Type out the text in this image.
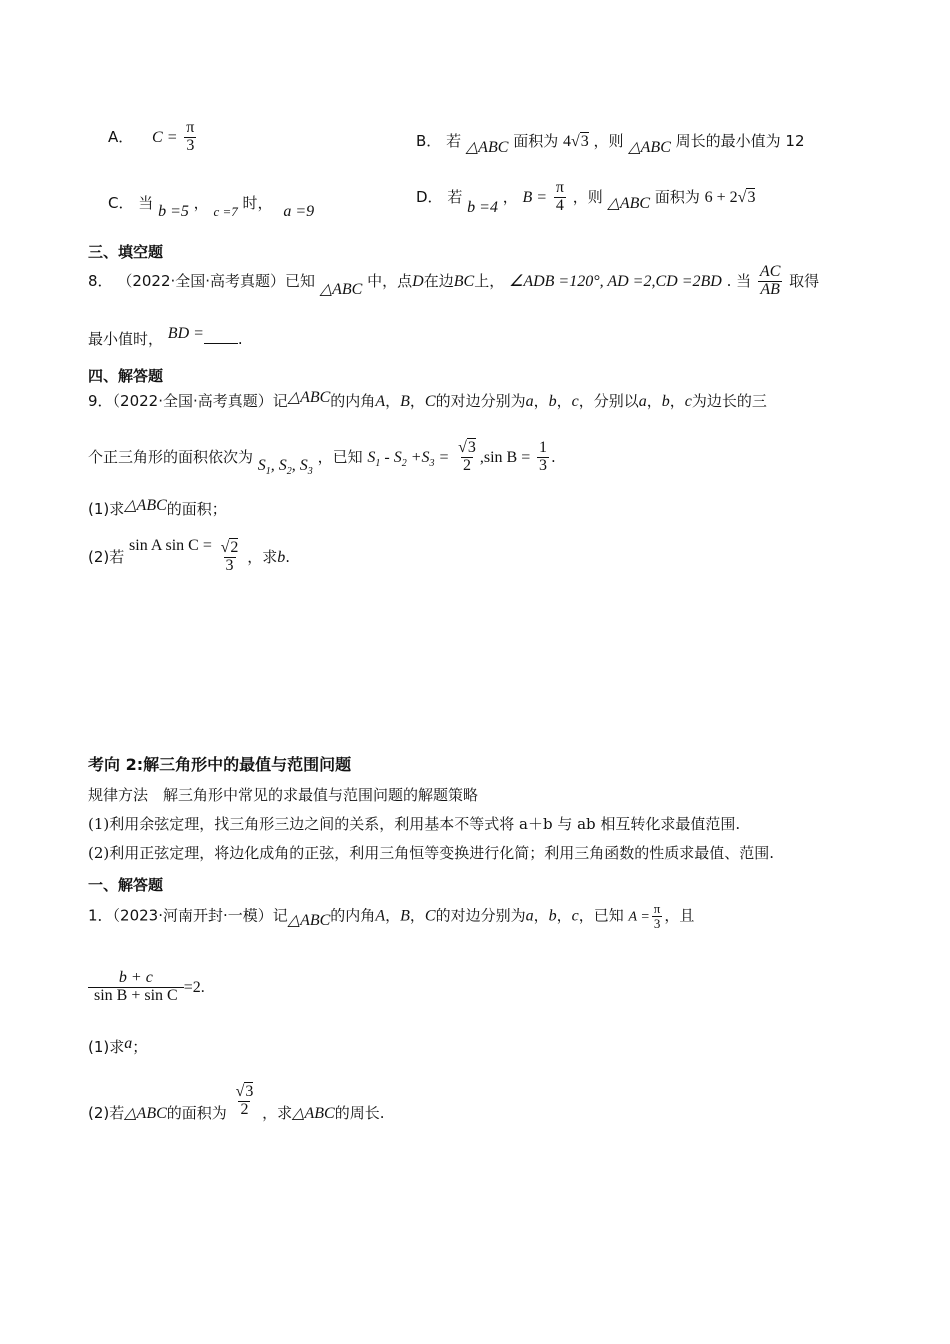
A． $C = \frac{\pi}{3}$	B． 若 △ABC 面积为 4√3 ，则 △ABC 周长的最小值为 12
C． 当 b =5 ， c =7 时， a =9
D． 若 b =4 ， $B = \frac{\pi}{4}$ ，则 △ABC 面积为 6 + 2√3
三、填空题
8． （2022·全国·高考真题）已知 △ABC 中，点D在边BC上， ∠ADB =120°, AD =2,CD =2BD . 当 $\frac{AC}{AB}$ 取得
最小值时， BD = .
四、解答题
9．（2022·全国·高考真题）记△ABC的内角A，B，C的对边分别为a，b，c，分别以a，b，c为边长的三
个正三角形的面积依次为 $S_1$, $S_2$, $S_3$ ，已知 $S_1 - S_2 +S_3 = \frac{√3}{2} ,\sin$ $B = \frac{1}{3}$ .
(1)求△ABC的面积；
(2)若 sin A $\sin C = \frac{√2}{3}$ ，求b.
考向 2:解三角形中的最值与范围问题
规律方法　解三角形中常见的求最值与范围问题的解题策略
(1)利用余弦定理，找三角形三边之间的关系，利用基本不等式将 a＋b 与 ab 相互转化求最值范围.
(2)利用正弦定理，将边化成角的正弦，利用三角恒等变换进行化简；利用三角函数的性质求最值、范围.
一、解答题
1．（2023·河南开封·一模）记△ABC的内角A，B，C的对边分别为a，b，c，已知 $A = \frac{\pi}{3}$ ，且
$\frac{b + c}{\text{sin B + sin C}} =2$.
(1)求a；
(2)若△ABC的面积为 $\frac{√3}{2}$ ，求△ABC的周长.
